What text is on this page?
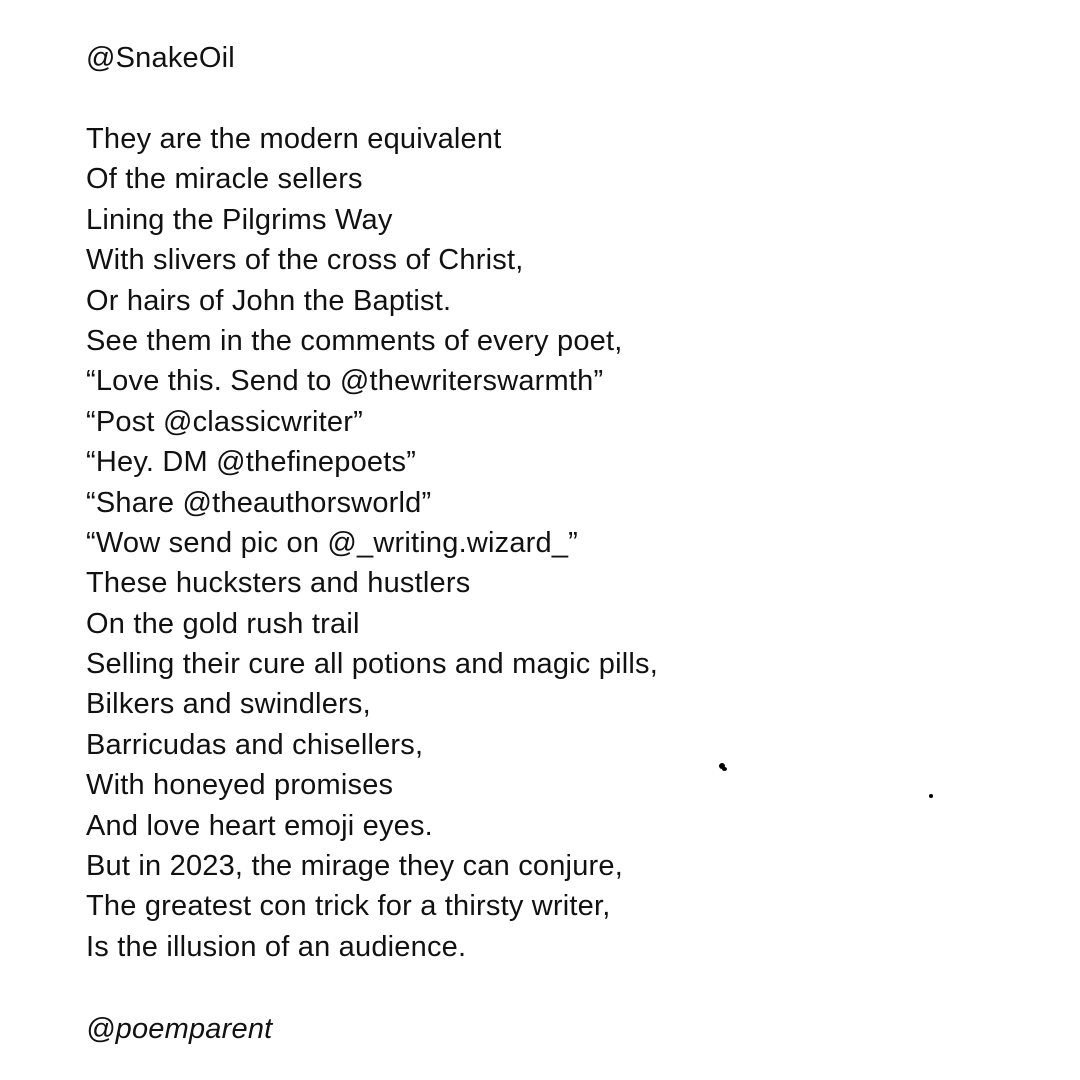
@SnakeOil
They are the modern equivalent
Of the miracle sellers
Lining the Pilgrims Way
With slivers of the cross of Christ,
Or hairs of John the Baptist.
See them in the comments of every poet,
“Love this. Send to @thewriterswarmth”
“Post @classicwriter”
“Hey. DM @thefinepoets”
“Share @theauthorsworld”
“Wow send pic on @_writing.wizard_”
These hucksters and hustlers
On the gold rush trail
Selling their cure all potions and magic pills,
Bilkers and swindlers,
Barricudas and chisellers,
With honeyed promises
And love heart emoji eyes.
But in 2023, the mirage they can conjure,
The greatest con trick for a thirsty writer,
Is the illusion of an audience.

@poemparent
